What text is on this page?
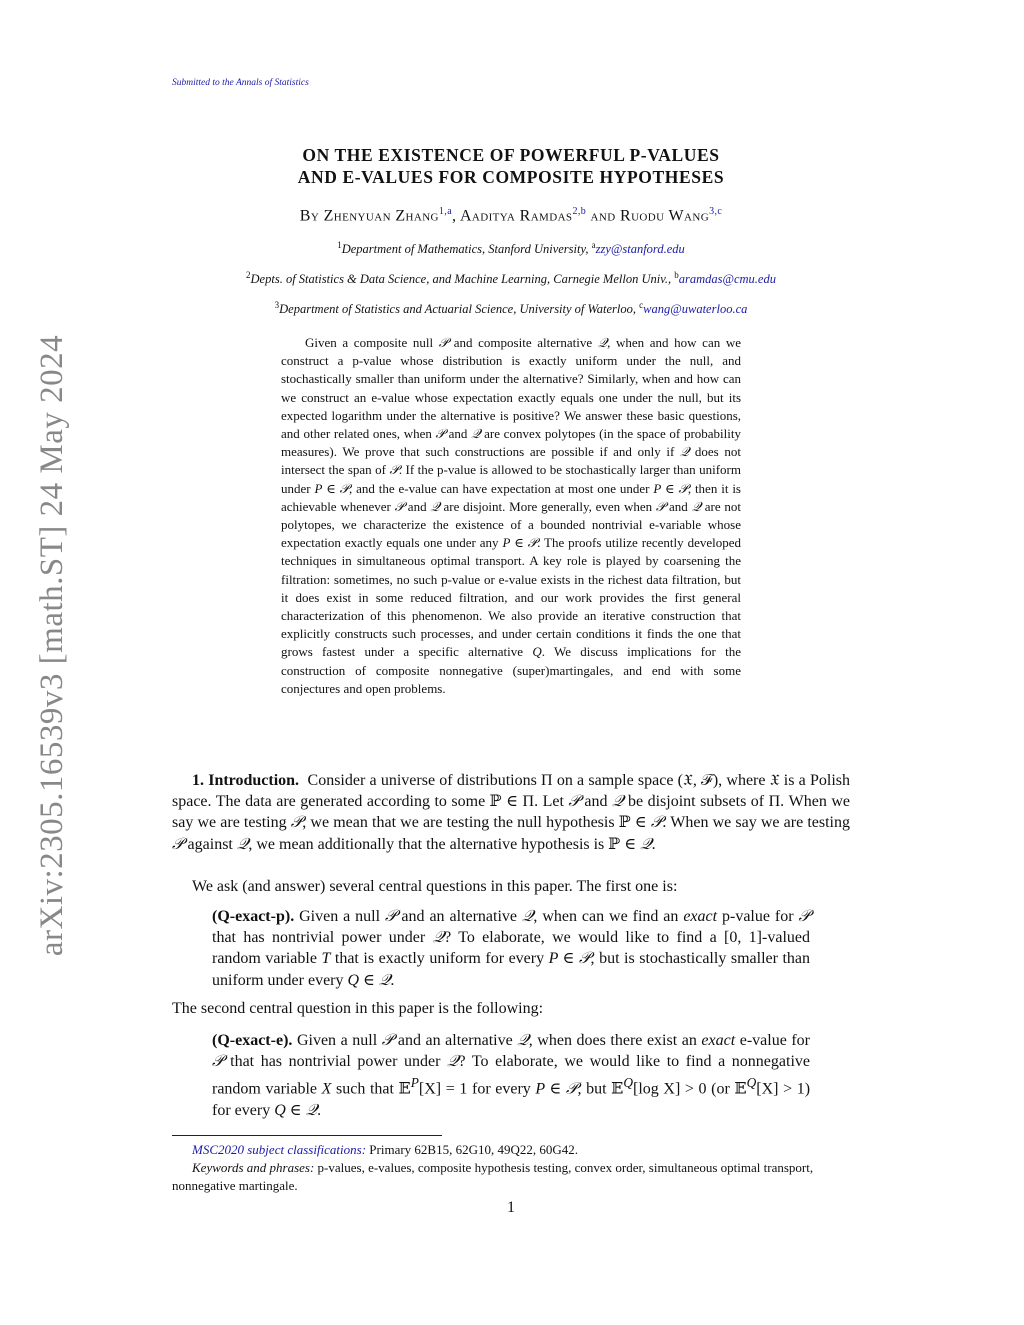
Submitted to the Annals of Statistics
arXiv:2305.16539v3 [math.ST] 24 May 2024
ON THE EXISTENCE OF POWERFUL P-VALUES
AND E-VALUES FOR COMPOSITE HYPOTHESES
By Zhenyuan Zhang$^{1,a}$, Aaditya Ramdas$^{2,b}$ and Ruodu Wang$^{3,c}$
$^1$Department of Mathematics, Stanford University, $^a$zzy@stanford.edu
$^2$Depts. of Statistics & Data Science, and Machine Learning, Carnegie Mellon Univ., $^b$aramdas@cmu.edu
$^3$Department of Statistics and Actuarial Science, University of Waterloo, $^c$wang@uwaterloo.ca
Given a composite null 𝒫 and composite alternative 𝒬, when and how can we construct a p-value whose distribution is exactly uniform under the null, and stochastically smaller than uniform under the alternative? Similarly, when and how can we construct an e-value whose expectation exactly equals one under the null, but its expected logarithm under the alternative is positive? We answer these basic questions, and other related ones, when 𝒫 and 𝒬 are convex polytopes (in the space of probability measures). We prove that such constructions are possible if and only if 𝒬 does not intersect the span of 𝒫. If the p-value is allowed to be stochastically larger than uniform under P ∈ 𝒫, and the e-value can have expectation at most one under P ∈ 𝒫, then it is achievable whenever 𝒫 and 𝒬 are disjoint. More generally, even when 𝒫 and 𝒬 are not polytopes, we characterize the existence of a bounded nontrivial e-variable whose expectation exactly equals one under any P ∈ 𝒫. The proofs utilize recently developed techniques in simultaneous optimal transport. A key role is played by coarsening the filtration: sometimes, no such p-value or e-value exists in the richest data filtration, but it does exist in some reduced filtration, and our work provides the first general characterization of this phenomenon. We also provide an iterative construction that explicitly constructs such processes, and under certain conditions it finds the one that grows fastest under a specific alternative Q. We discuss implications for the construction of composite nonnegative (super)martingales, and end with some conjectures and open problems.
1. Introduction. Consider a universe of distributions Π on a sample space (𝔛, ℱ), where 𝔛 is a Polish space. The data are generated according to some ℙ ∈ Π. Let 𝒫 and 𝒬 be disjoint subsets of Π. When we say we are testing 𝒫, we mean that we are testing the null hypothesis ℙ ∈ 𝒫. When we say we are testing 𝒫 against 𝒬, we mean additionally that the alternative hypothesis is ℙ ∈ 𝒬.
We ask (and answer) several central questions in this paper. The first one is:
(Q-exact-p). Given a null 𝒫 and an alternative 𝒬, when can we find an exact p-value for 𝒫 that has nontrivial power under 𝒬? To elaborate, we would like to find a [0, 1]-valued random variable T that is exactly uniform for every P ∈ 𝒫, but is stochastically smaller than uniform under every Q ∈ 𝒬.
The second central question in this paper is the following:
(Q-exact-e). Given a null 𝒫 and an alternative 𝒬, when does there exist an exact e-value for 𝒫 that has nontrivial power under 𝒬? To elaborate, we would like to find a nonnegative random variable X such that 𝔼$^P$[X] = 1 for every P ∈ 𝒫, but 𝔼$^Q$[log X] > 0 (or 𝔼$^Q$[X] > 1) for every Q ∈ 𝒬.
MSC2020 subject classifications: Primary 62B15, 62G10, 49Q22, 60G42.
Keywords and phrases: p-values, e-values, composite hypothesis testing, convex order, simultaneous optimal transport, nonnegative martingale.
1
